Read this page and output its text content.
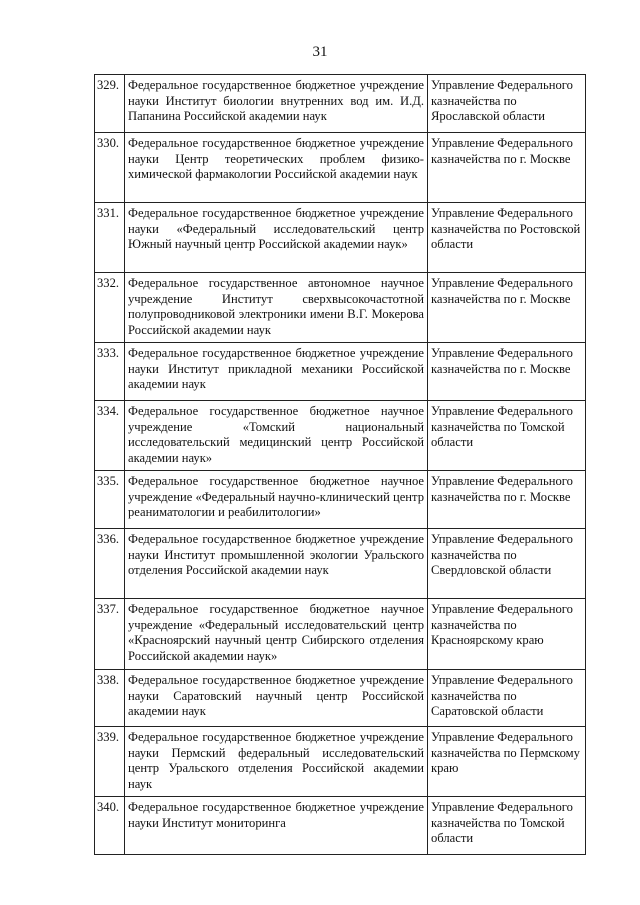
31
329.	Федеральное государственное бюджетное учреждение науки Институт биологии внутренних вод им. И.Д. Папанина Российской академии наук	Управление Федерального казначейства по Ярославской области
330.	Федеральное государственное бюджетное учреждение науки Центр теоретических проблем физико-химической фармакологии Российской академии наук	Управление Федерального казначейства по г. Москве
331.	Федеральное государственное бюджетное учреждение науки «Федеральный исследовательский центр Южный научный центр Российской академии наук»	Управление Федерального казначейства по Ростовской области
332.	Федеральное государственное автономное научное учреждение Институт сверхвысокочастотной полупроводниковой электроники имени В.Г. Мокерова Российской академии наук	Управление Федерального казначейства по г. Москве
333.	Федеральное государственное бюджетное учреждение науки Институт прикладной механики Российской академии наук	Управление Федерального казначейства по г. Москве
334.	Федеральное государственное бюджетное научное учреждение «Томский национальный исследовательский медицинский центр Российской академии наук»	Управление Федерального казначейства по Томской области
335.	Федеральное государственное бюджетное научное учреждение «Федеральный научно-клинический центр реаниматологии и реабилитологии»	Управление Федерального казначейства по г. Москве
336.	Федеральное государственное бюджетное учреждение науки Институт промышленной экологии Уральского отделения Российской академии наук	Управление Федерального казначейства по Свердловской области
337.	Федеральное государственное бюджетное научное учреждение «Федеральный исследовательский центр «Красноярский научный центр Сибирского отделения Российской академии наук»	Управление Федерального казначейства по Красноярскому краю
338.	Федеральное государственное бюджетное учреждение науки Саратовский научный центр Российской академии наук	Управление Федерального казначейства по Саратовской области
339.	Федеральное государственное бюджетное учреждение науки Пермский федеральный исследовательский центр Уральского отделения Российской академии наук	Управление Федерального казначейства по Пермскому краю
340.	Федеральное государственное бюджетное учреждение науки Институт мониторинга	Управление Федерального казначейства по Томской области
